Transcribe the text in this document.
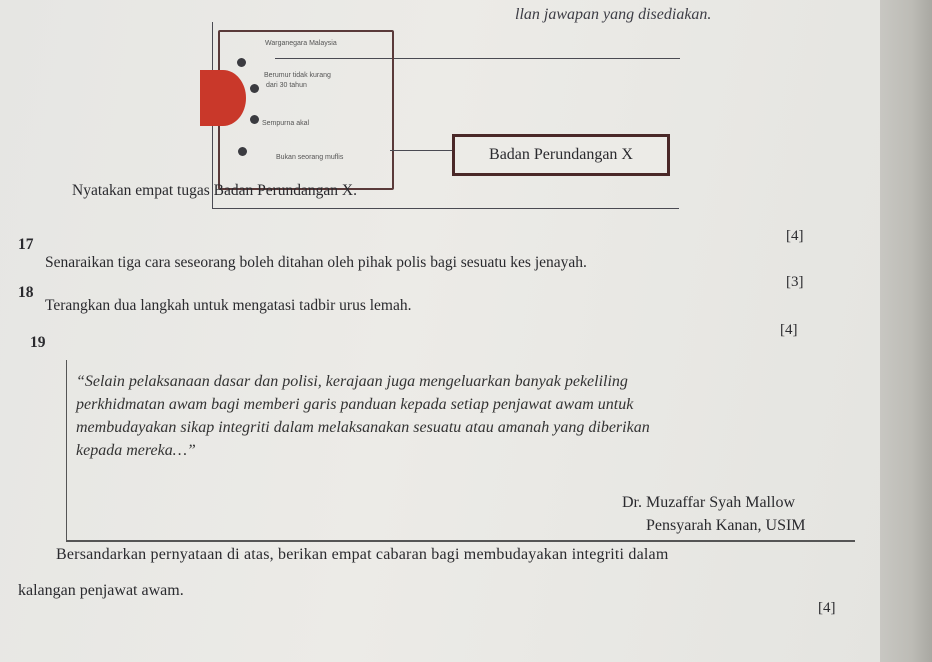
llan jawapan yang disediakan.
Warganegara Malaysia
Berumur tidak kurang
dari 30 tahun
Sempurna akal
Bukan seorang muflis	Badan Perundangan X
Nyatakan empat tugas Badan Perundangan X.
[4]
17
Senaraikan tiga cara seseorang boleh ditahan oleh pihak polis bagi sesuatu kes jenayah.
[3]
18
Terangkan dua langkah untuk mengatasi tadbir urus lemah.
[4]
19
“Selain pelaksanaan dasar dan polisi, kerajaan juga mengeluarkan banyak pekeliling
perkhidmatan awam bagi memberi garis panduan kepada setiap penjawat awam untuk
membudayakan sikap integriti dalam melaksanakan sesuatu atau amanah yang diberikan
kepada mereka…”
Dr. Muzaffar Syah Mallow
Pensyarah Kanan, USIM
Bersandarkan pernyataan di atas, berikan empat cabaran bagi membudayakan integriti dalam
kalangan penjawat awam.
[4]
